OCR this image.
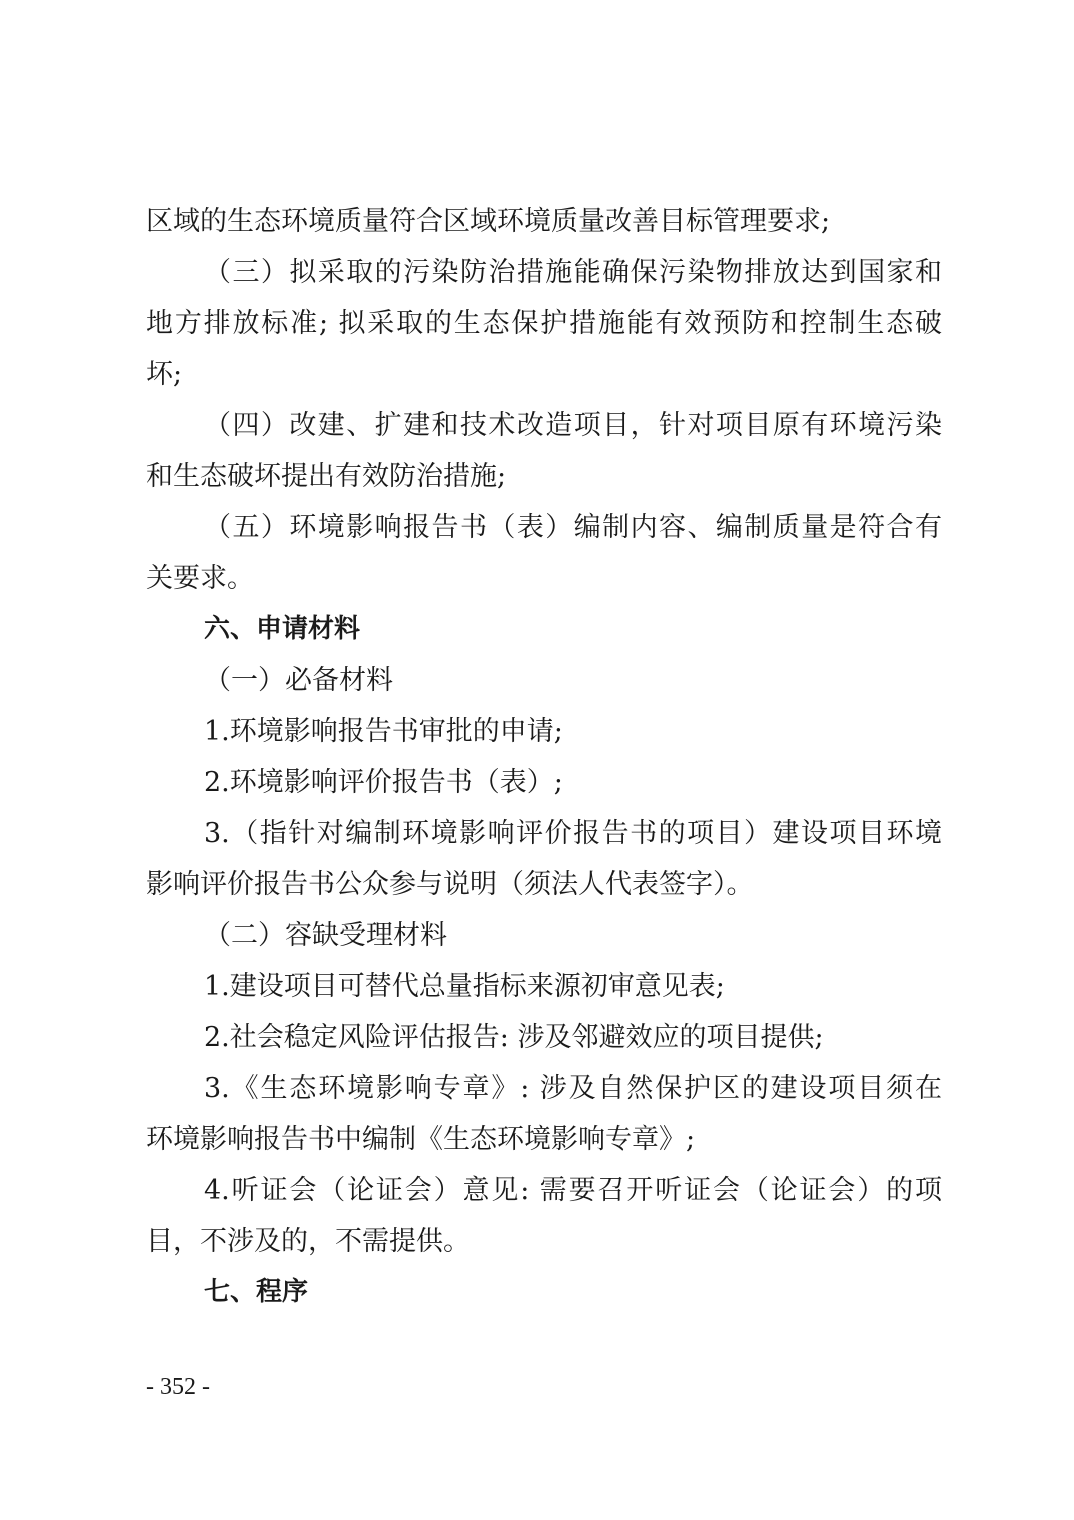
区域的生态环境质量符合区域环境质量改善目标管理要求;
（三）拟采取的污染防治措施能确保污染物排放达到国家和
地方排放标准; 拟采取的生态保护措施能有效预防和控制生态破
坏;
（四）改建、扩建和技术改造项目，针对项目原有环境污染
和生态破坏提出有效防治措施;
（五）环境影响报告书（表）编制内容、编制质量是符合有
关要求。
六、申请材料
（一）必备材料
1.环境影响报告书审批的申请;
2.环境影响评价报告书（表）;
3.（指针对编制环境影响评价报告书的项目）建设项目环境
影响评价报告书公众参与说明（须法人代表签字）。
（二）容缺受理材料
1.建设项目可替代总量指标来源初审意见表;
2.社会稳定风险评估报告: 涉及邻避效应的项目提供;
3.《生态环境影响专章》: 涉及自然保护区的建设项目须在
环境影响报告书中编制《生态环境影响专章》;
4.听证会（论证会）意见: 需要召开听证会（论证会）的项
目，不涉及的，不需提供。
七、程序
- 352 -
